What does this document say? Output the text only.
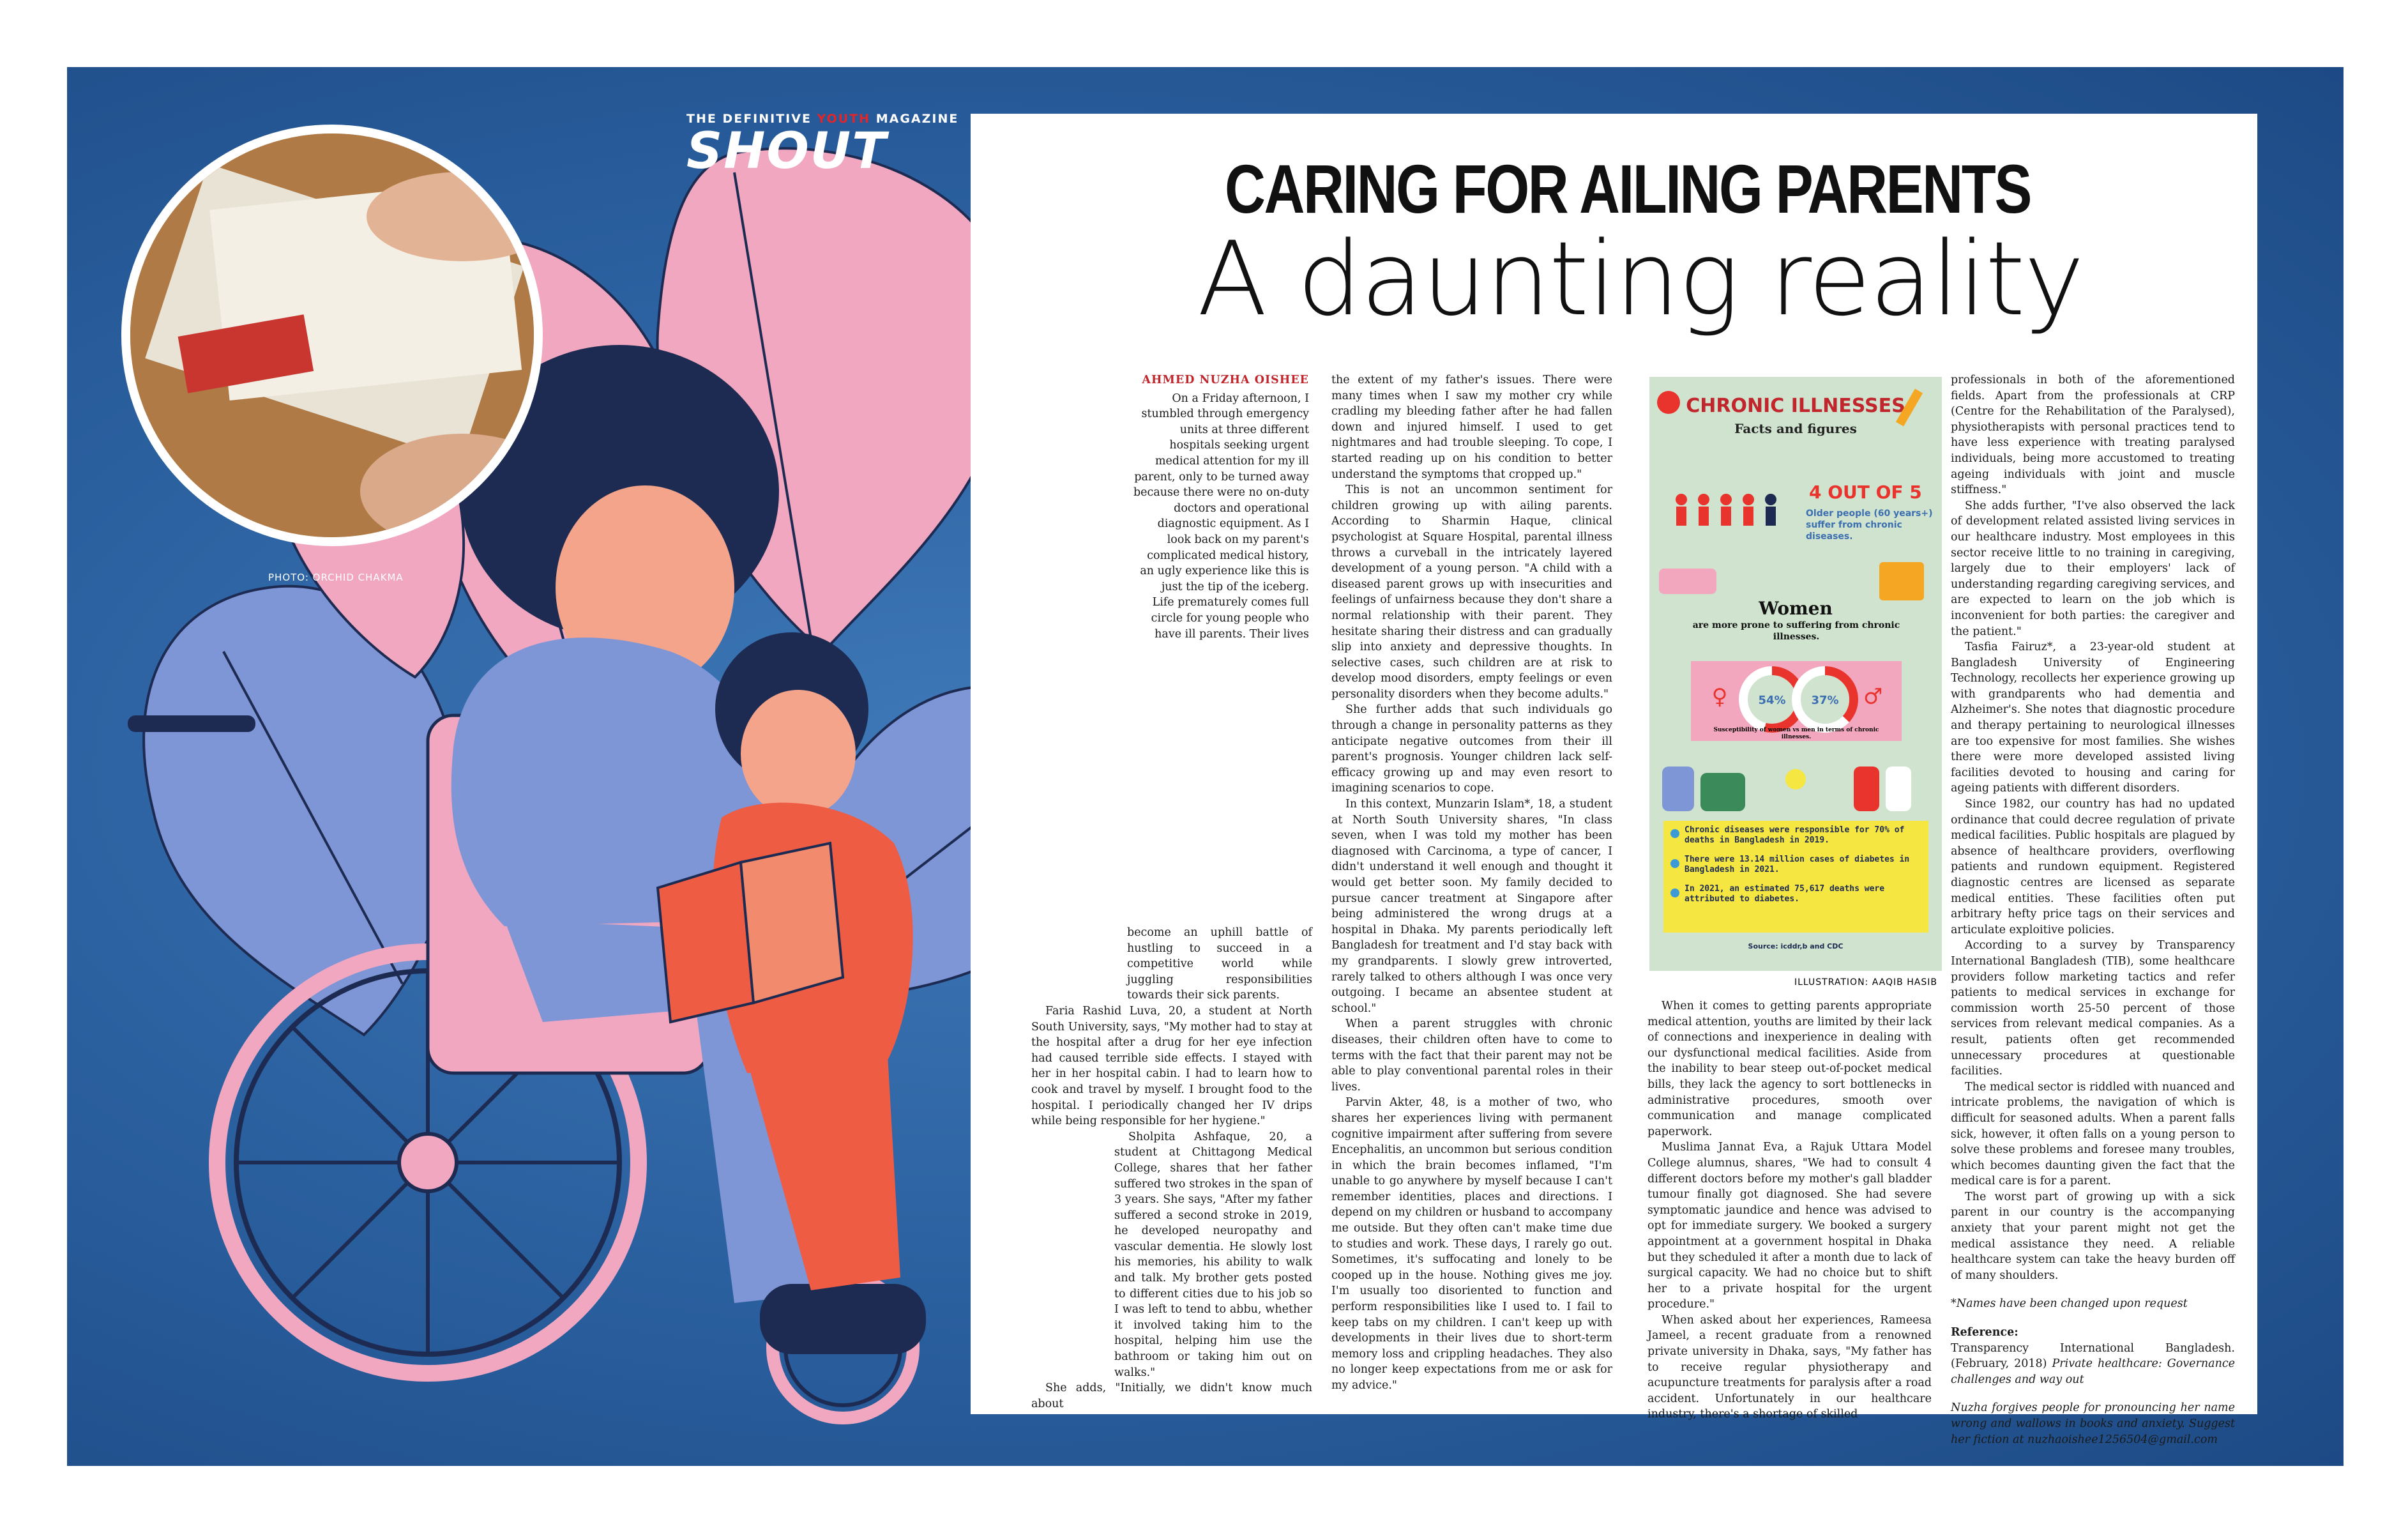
PHOTO: ORCHID CHAKMA
THE DEFINITIVE YOUTH MAGAZINE
SHOUT	CARING FOR AILING PARENTS
A daunting reality

AHMED NUZHA OISHEE

On a Friday afternoon, I stumbled through emergency units at three different hospitals seeking urgent medical attention for my ill parent, only to be turned away because there were no on-duty doctors and operational diagnostic equipment. As I look back on my parent's complicated medical history, an ugly experience like this is just the tip of the iceberg.

Life prematurely comes full circle for young people who have ill parents. Their lives

become an uphill battle of hustling to succeed in a competitive world while juggling responsibilities towards their sick parents.

Faria Rashid Luva, 20, a student at North South University, says, "My mother had to stay at the hospital after a drug for her eye infection had caused terrible side effects. I stayed with her in her hospital cabin. I had to learn how to cook and travel by myself. I brought food to the hospital. I periodically changed her IV drips while being responsible for her hygiene."

Sholpita Ashfaque, 20, a student at Chittagong Medical College, shares that her father suffered two strokes in the span of 3 years. She says, "After my father suffered a second stroke in 2019, he developed neuropathy and vascular dementia. He slowly lost his memories, his ability to walk and talk. My brother gets posted to different cities due to his job so I was left to tend to abbu, whether it involved taking him to the hospital, helping him use the bathroom or taking him out on walks."

She adds, "Initially, we didn't know much about

the extent of my father's issues. There were many times when I saw my mother cry while cradling my bleeding father after he had fallen down and injured himself. I used to get nightmares and had trouble sleeping. To cope, I started reading up on his condition to better understand the symptoms that cropped up."

This is not an uncommon sentiment for children growing up with ailing parents. According to Sharmin Haque, clinical psychologist at Square Hospital, parental illness throws a curveball in the intricately layered development of a young person. "A child with a diseased parent grows up with insecurities and feelings of unfairness because they don't share a normal relationship with their parent. They hesitate sharing their distress and can gradually slip into anxiety and depressive thoughts. In selective cases, such children are at risk to develop mood disorders, empty feelings or even personality disorders when they become adults."

She further adds that such individuals go through a change in personality patterns as they anticipate negative outcomes from their ill parent's prognosis. Younger children lack self-efficacy growing up and may even resort to imagining scenarios to cope.

In this context, Munzarin Islam*, 18, a student at North South University shares, "In class seven, when I was told my mother has been diagnosed with Carcinoma, a type of cancer, I didn't understand it well enough and thought it would get better soon. My family decided to pursue cancer treatment at Singapore after being administered the wrong drugs at a hospital in Dhaka. My parents periodically left Bangladesh for treatment and I'd stay back with my grandparents. I slowly grew introverted, rarely talked to others although I was once very outgoing. I became an absentee student at school."

When a parent struggles with chronic diseases, their children often have to come to terms with the fact that their parent may not be able to play conventional parental roles in their lives.

Parvin Akter, 48, is a mother of two, who shares her experiences living with permanent cognitive impairment after suffering from severe Encephalitis, an uncommon but serious condition in which the brain becomes inflamed, "I'm unable to go anywhere by myself because I can't remember identities, places and directions. I depend on my children or husband to accompany me outside. But they often can't make time due to studies and work. These days, I rarely go out. Sometimes, it's suffocating and lonely to be cooped up in the house. Nothing gives me joy. I'm usually too disoriented to function and perform responsibilities like I used to. I fail to keep tabs on my children. I can't keep up with developments in their lives due to short-term memory loss and crippling headaches. They also no longer keep expectations from me or ask for my advice."

When it comes to getting parents appropriate medical attention, youths are limited by their lack of connections and inexperience in dealing with our dysfunctional medical facilities. Aside from the inability to bear steep out-of-pocket medical bills, they lack the agency to sort bottlenecks in administrative procedures, smooth over communication and manage complicated paperwork.

Muslima Jannat Eva, a Rajuk Uttara Model College alumnus, shares, "We had to consult 4 different doctors before my mother's gall bladder tumour finally got diagnosed. She had severe symptomatic jaundice and hence was advised to opt for immediate surgery. We booked a surgery appointment at a government hospital in Dhaka but they scheduled it after a month due to lack of surgical capacity. We had no choice but to shift her to a private hospital for the urgent procedure."

When asked about her experiences, Rameesa Jameel, a recent graduate from a renowned private university in Dhaka, says, "My father has to receive regular physiotherapy and acupuncture treatments for paralysis after a road accident. Unfortunately in our healthcare industry, there's a shortage of skilled

professionals in both of the aforementioned fields. Apart from the professionals at CRP (Centre for the Rehabilitation of the Paralysed), physiotherapists with personal practices tend to have less experience with treating paralysed individuals, being more accustomed to treating ageing individuals with joint and muscle stiffness."

She adds further, "I've also observed the lack of development related assisted living services in our healthcare industry. Most employees in this sector receive little to no training in caregiving, largely due to their employers' lack of understanding regarding caregiving services, and are expected to learn on the job which is inconvenient for both parties: the caregiver and the patient."

Tasfia Fairuz*, a 23-year-old student at Bangladesh University of Engineering Technology, recollects her experience growing up with grandparents who had dementia and Alzheimer's. She notes that diagnostic procedure and therapy pertaining to neurological illnesses are too expensive for most families. She wishes there were more developed assisted living facilities devoted to housing and caring for ageing patients with different disorders.

Since 1982, our country has had no updated ordinance that could decree regulation of private medical facilities. Public hospitals are plagued by absence of healthcare providers, overflowing patients and rundown equipment. Registered diagnostic centres are licensed as separate medical entities. These facilities often put arbitrary hefty price tags on their services and articulate exploitive policies.

According to a survey by Transparency International Bangladesh (TIB), some healthcare providers follow marketing tactics and refer patients to medical services in exchange for commission worth 25-50 percent of those services from relevant medical companies. As a result, patients often get recommended unnecessary procedures at questionable facilities.

The medical sector is riddled with nuanced and intricate problems, the navigation of which is difficult for seasoned adults. When a parent falls sick, however, it often falls on a young person to solve these problems and foresee many troubles, which becomes daunting given the fact that the medical care is for a parent.

The worst part of growing up with a sick parent in our country is the accompanying anxiety that your parent might not get the medical assistance they need. A reliable healthcare system can take the heavy burden off of many shoulders.

*Names have been changed upon request

Reference:

Transparency International Bangladesh. (February, 2018) Private healthcare: Governance challenges and way out

Nuzha forgives people for pronouncing her name wrong and wallows in books and anxiety. Suggest her fiction at nuzhaoishee1256504@gmail.com

CHRONIC ILLNESSES
Facts and figures
4 OUT OF 5
Older people (60 years+) suffer from chronic diseases.
Women
are more prone to suffering from chronic illnesses.
54% 37%
♀	♂
Susceptibility of women vs men in terms of chronic illnesses.
Chronic diseases were responsible for 70% of deaths in Bangladesh in 2019.
There were 13.14 million cases of diabetes in Bangladesh in 2021.
In 2021, an estimated 75,617 deaths were attributed to diabetes.
Source: icddr,b and CDC
ILLUSTRATION: AAQIB HASIB
